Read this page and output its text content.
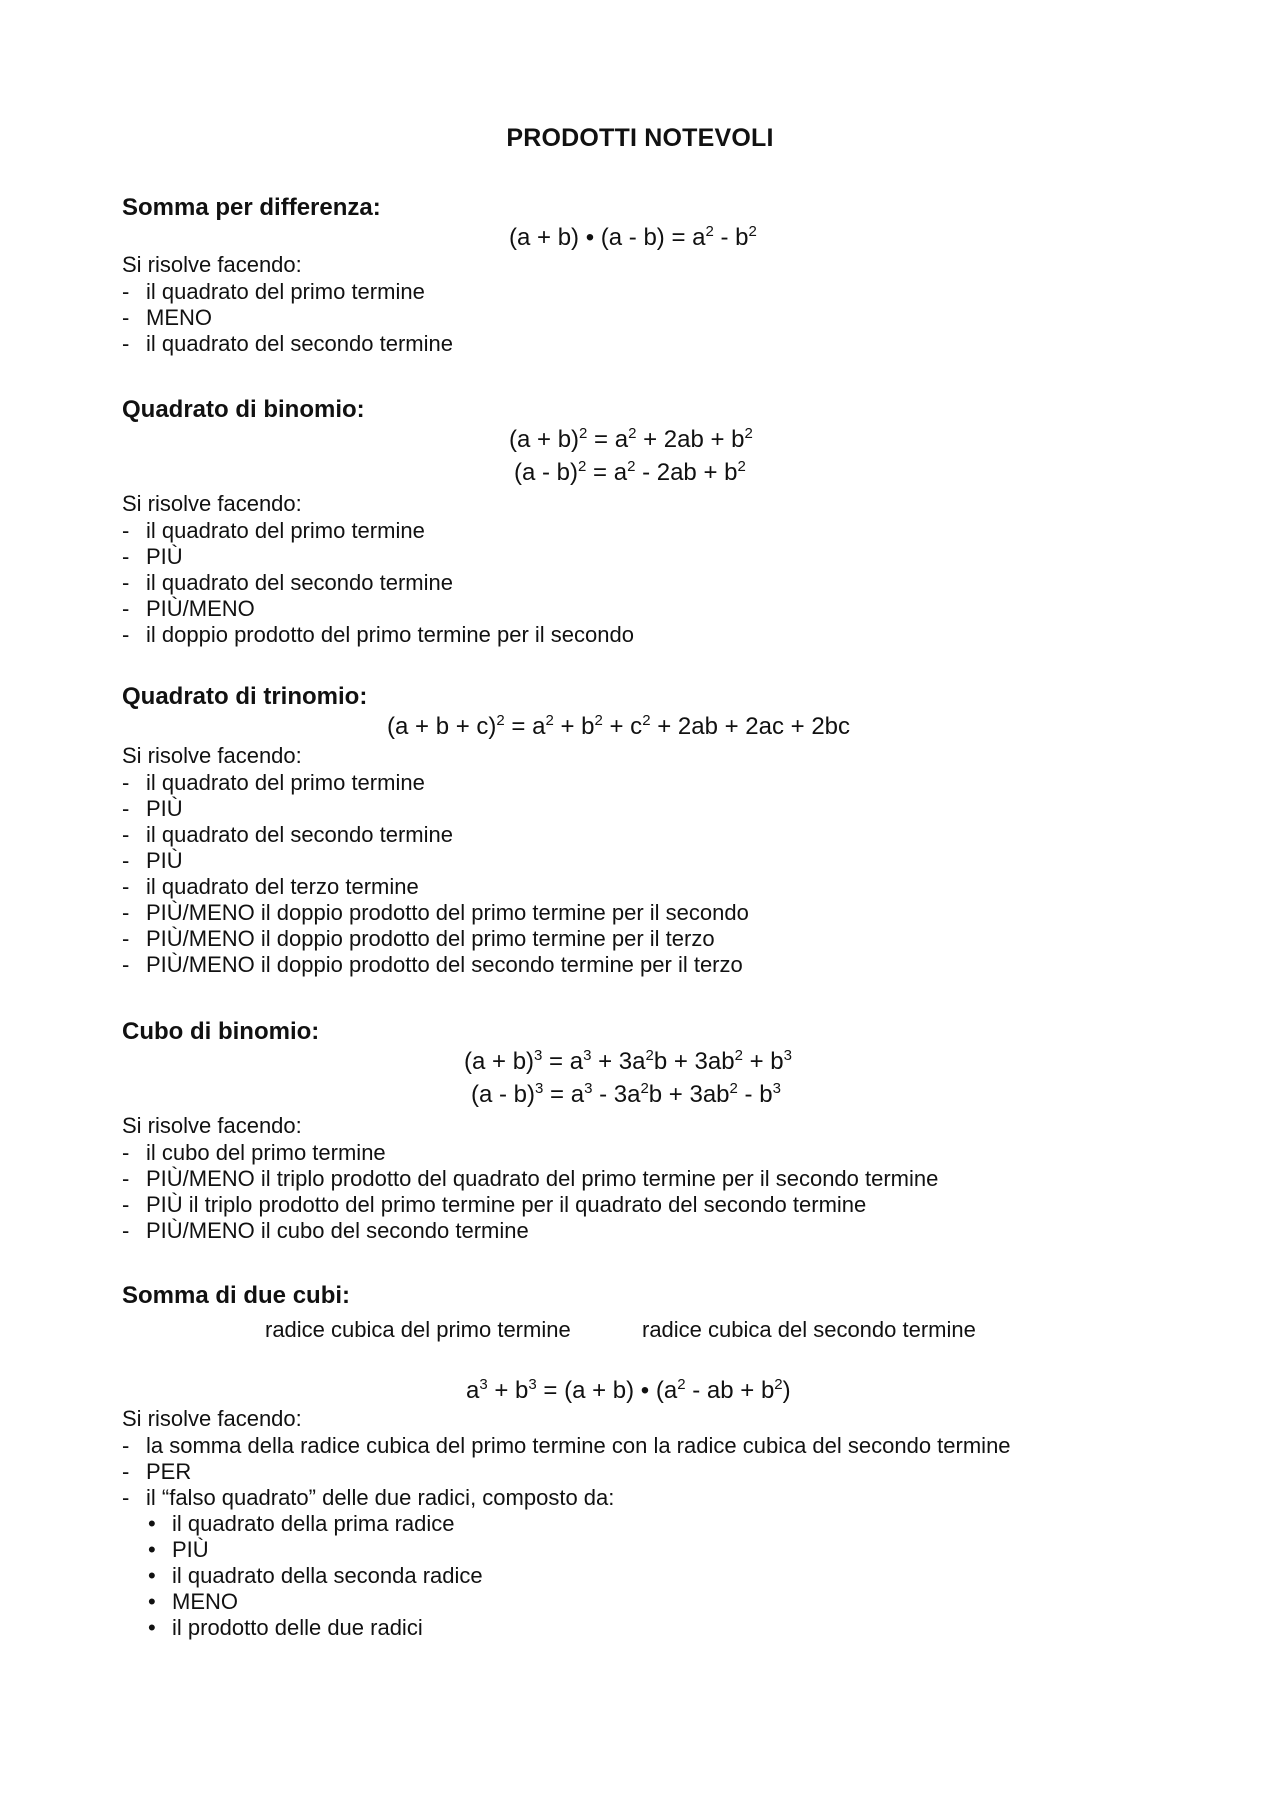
PRODOTTI NOTEVOLI
Somma per differenza:
(a + b) • $(a - b) = a^2 - b^2$
Si risolve facendo:
- il quadrato del primo termine
- MENO
- il quadrato del secondo termine
Quadrato di binomio:
$(a + b)^2 = a^2 + 2ab + b^2$
$(a - b)^2 = a^2 - 2ab + b^2$
Si risolve facendo:
- il quadrato del primo termine
- PIÙ
- il quadrato del secondo termine
- PIÙ/MENO
- il doppio prodotto del primo termine per il secondo
Quadrato di trinomio:
$(a + b + c)^2 = a^2 + b^2 + c^2 + 2ab + 2ac + 2bc$
Si risolve facendo:
- il quadrato del primo termine
- PIÙ
- il quadrato del secondo termine
- PIÙ
- il quadrato del terzo termine
- PIÙ/MENO il doppio prodotto del primo termine per il secondo
- PIÙ/MENO il doppio prodotto del primo termine per il terzo
- PIÙ/MENO il doppio prodotto del secondo termine per il terzo
Cubo di binomio:
$(a + b)^3 = a^3 + 3a^2b + 3ab^2 + b^3$
$(a - b)^3 = a^3 - 3a^2b + 3ab^2 - b^3$
Si risolve facendo:
- il cubo del primo termine
- PIÙ/MENO il triplo prodotto del quadrato del primo termine per il secondo termine
- PIÙ il triplo prodotto del primo termine per il quadrato del secondo termine
- PIÙ/MENO il cubo del secondo termine
Somma di due cubi:
radice cubica del primo termine	radice cubica del secondo termine
$a^3 + b^3 = (a + b)$ • ($a^2$ - ab + $b^2$)
Si risolve facendo:
- la somma della radice cubica del primo termine con la radice cubica del secondo termine
- PER
- il “falso quadrato” delle due radici, composto da:
• il quadrato della prima radice
• PIÙ
• il quadrato della seconda radice
• MENO
• il prodotto delle due radici
